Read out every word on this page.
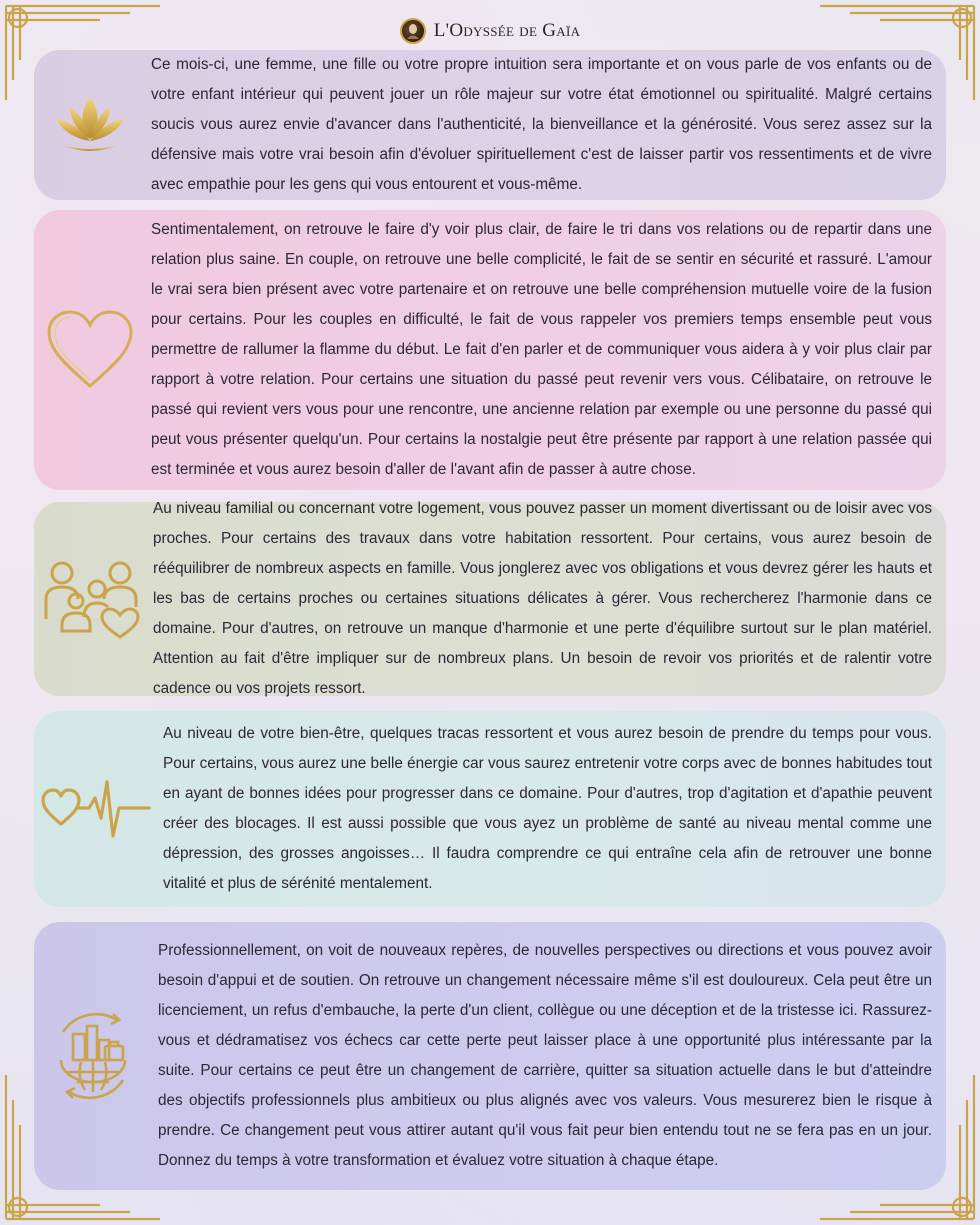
L'Odyssée de Gaïa

Ce mois-ci, une femme, une fille ou votre propre intuition sera importante et on vous parle de vos enfants ou de votre enfant intérieur qui peuvent jouer un rôle majeur sur votre état émotionnel ou spiritualité. Malgré certains soucis vous aurez envie d'avancer dans l'authenticité, la bienveillance et la générosité. Vous serez assez sur la défensive mais votre vrai besoin afin d'évoluer spirituellement c'est de laisser partir vos ressentiments et de vivre avec empathie pour les gens qui vous entourent et vous-même.

Sentimentalement, on retrouve le faire d'y voir plus clair, de faire le tri dans vos relations ou de repartir dans une relation plus saine. En couple, on retrouve une belle complicité, le fait de se sentir en sécurité et rassuré. L'amour le vrai sera bien présent avec votre partenaire et on retrouve une belle compréhension mutuelle voire de la fusion pour certains. Pour les couples en difficulté, le fait de vous rappeler vos premiers temps ensemble peut vous permettre de rallumer la flamme du début. Le fait d'en parler et de communiquer vous aidera à y voir plus clair par rapport à votre relation. Pour certains une situation du passé peut revenir vers vous. Célibataire, on retrouve le passé qui revient vers vous pour une rencontre, une ancienne relation par exemple ou une personne du passé qui peut vous présenter quelqu'un. Pour certains la nostalgie peut être présente par rapport à une relation passée qui est terminée et vous aurez besoin d'aller de l'avant afin de passer à autre chose.

Au niveau familial ou concernant votre logement, vous pouvez passer un moment divertissant ou de loisir avec vos proches. Pour certains des travaux dans votre habitation ressortent. Pour certains, vous aurez besoin de rééquilibrer de nombreux aspects en famille. Vous jonglerez avec vos obligations et vous devrez gérer les hauts et les bas de certains proches ou certaines situations délicates à gérer. Vous rechercherez l'harmonie dans ce domaine. Pour d'autres, on retrouve un manque d'harmonie et une perte d'équilibre surtout sur le plan matériel. Attention au fait d'être impliquer sur de nombreux plans. Un besoin de revoir vos priorités et de ralentir votre cadence ou vos projets ressort.

Au niveau de votre bien-être, quelques tracas ressortent et vous aurez besoin de prendre du temps pour vous. Pour certains, vous aurez une belle énergie car vous saurez entretenir votre corps avec de bonnes habitudes tout en ayant de bonnes idées pour progresser dans ce domaine. Pour d'autres, trop d'agitation et d'apathie peuvent créer des blocages. Il est aussi possible que vous ayez un problème de santé au niveau mental comme une dépression, des grosses angoisses… Il faudra comprendre ce qui entraîne cela afin de retrouver une bonne vitalité et plus de sérénité mentalement.

Professionnellement, on voit de nouveaux repères, de nouvelles perspectives ou directions et vous pouvez avoir besoin d'appui et de soutien. On retrouve un changement nécessaire même s'il est douloureux. Cela peut être un licenciement, un refus d'embauche, la perte d'un client, collègue ou une déception et de la tristesse ici. Rassurez-vous et dédramatisez vos échecs car cette perte peut laisser place à une opportunité plus intéressante par la suite. Pour certains ce peut être un changement de carrière, quitter sa situation actuelle dans le but d'atteindre des objectifs professionnels plus ambitieux ou plus alignés avec vos valeurs. Vous mesurerez bien le risque à prendre. Ce changement peut vous attirer autant qu'il vous fait peur bien entendu tout ne se fera pas en un jour. Donnez du temps à votre transformation et évaluez votre situation à chaque étape.
